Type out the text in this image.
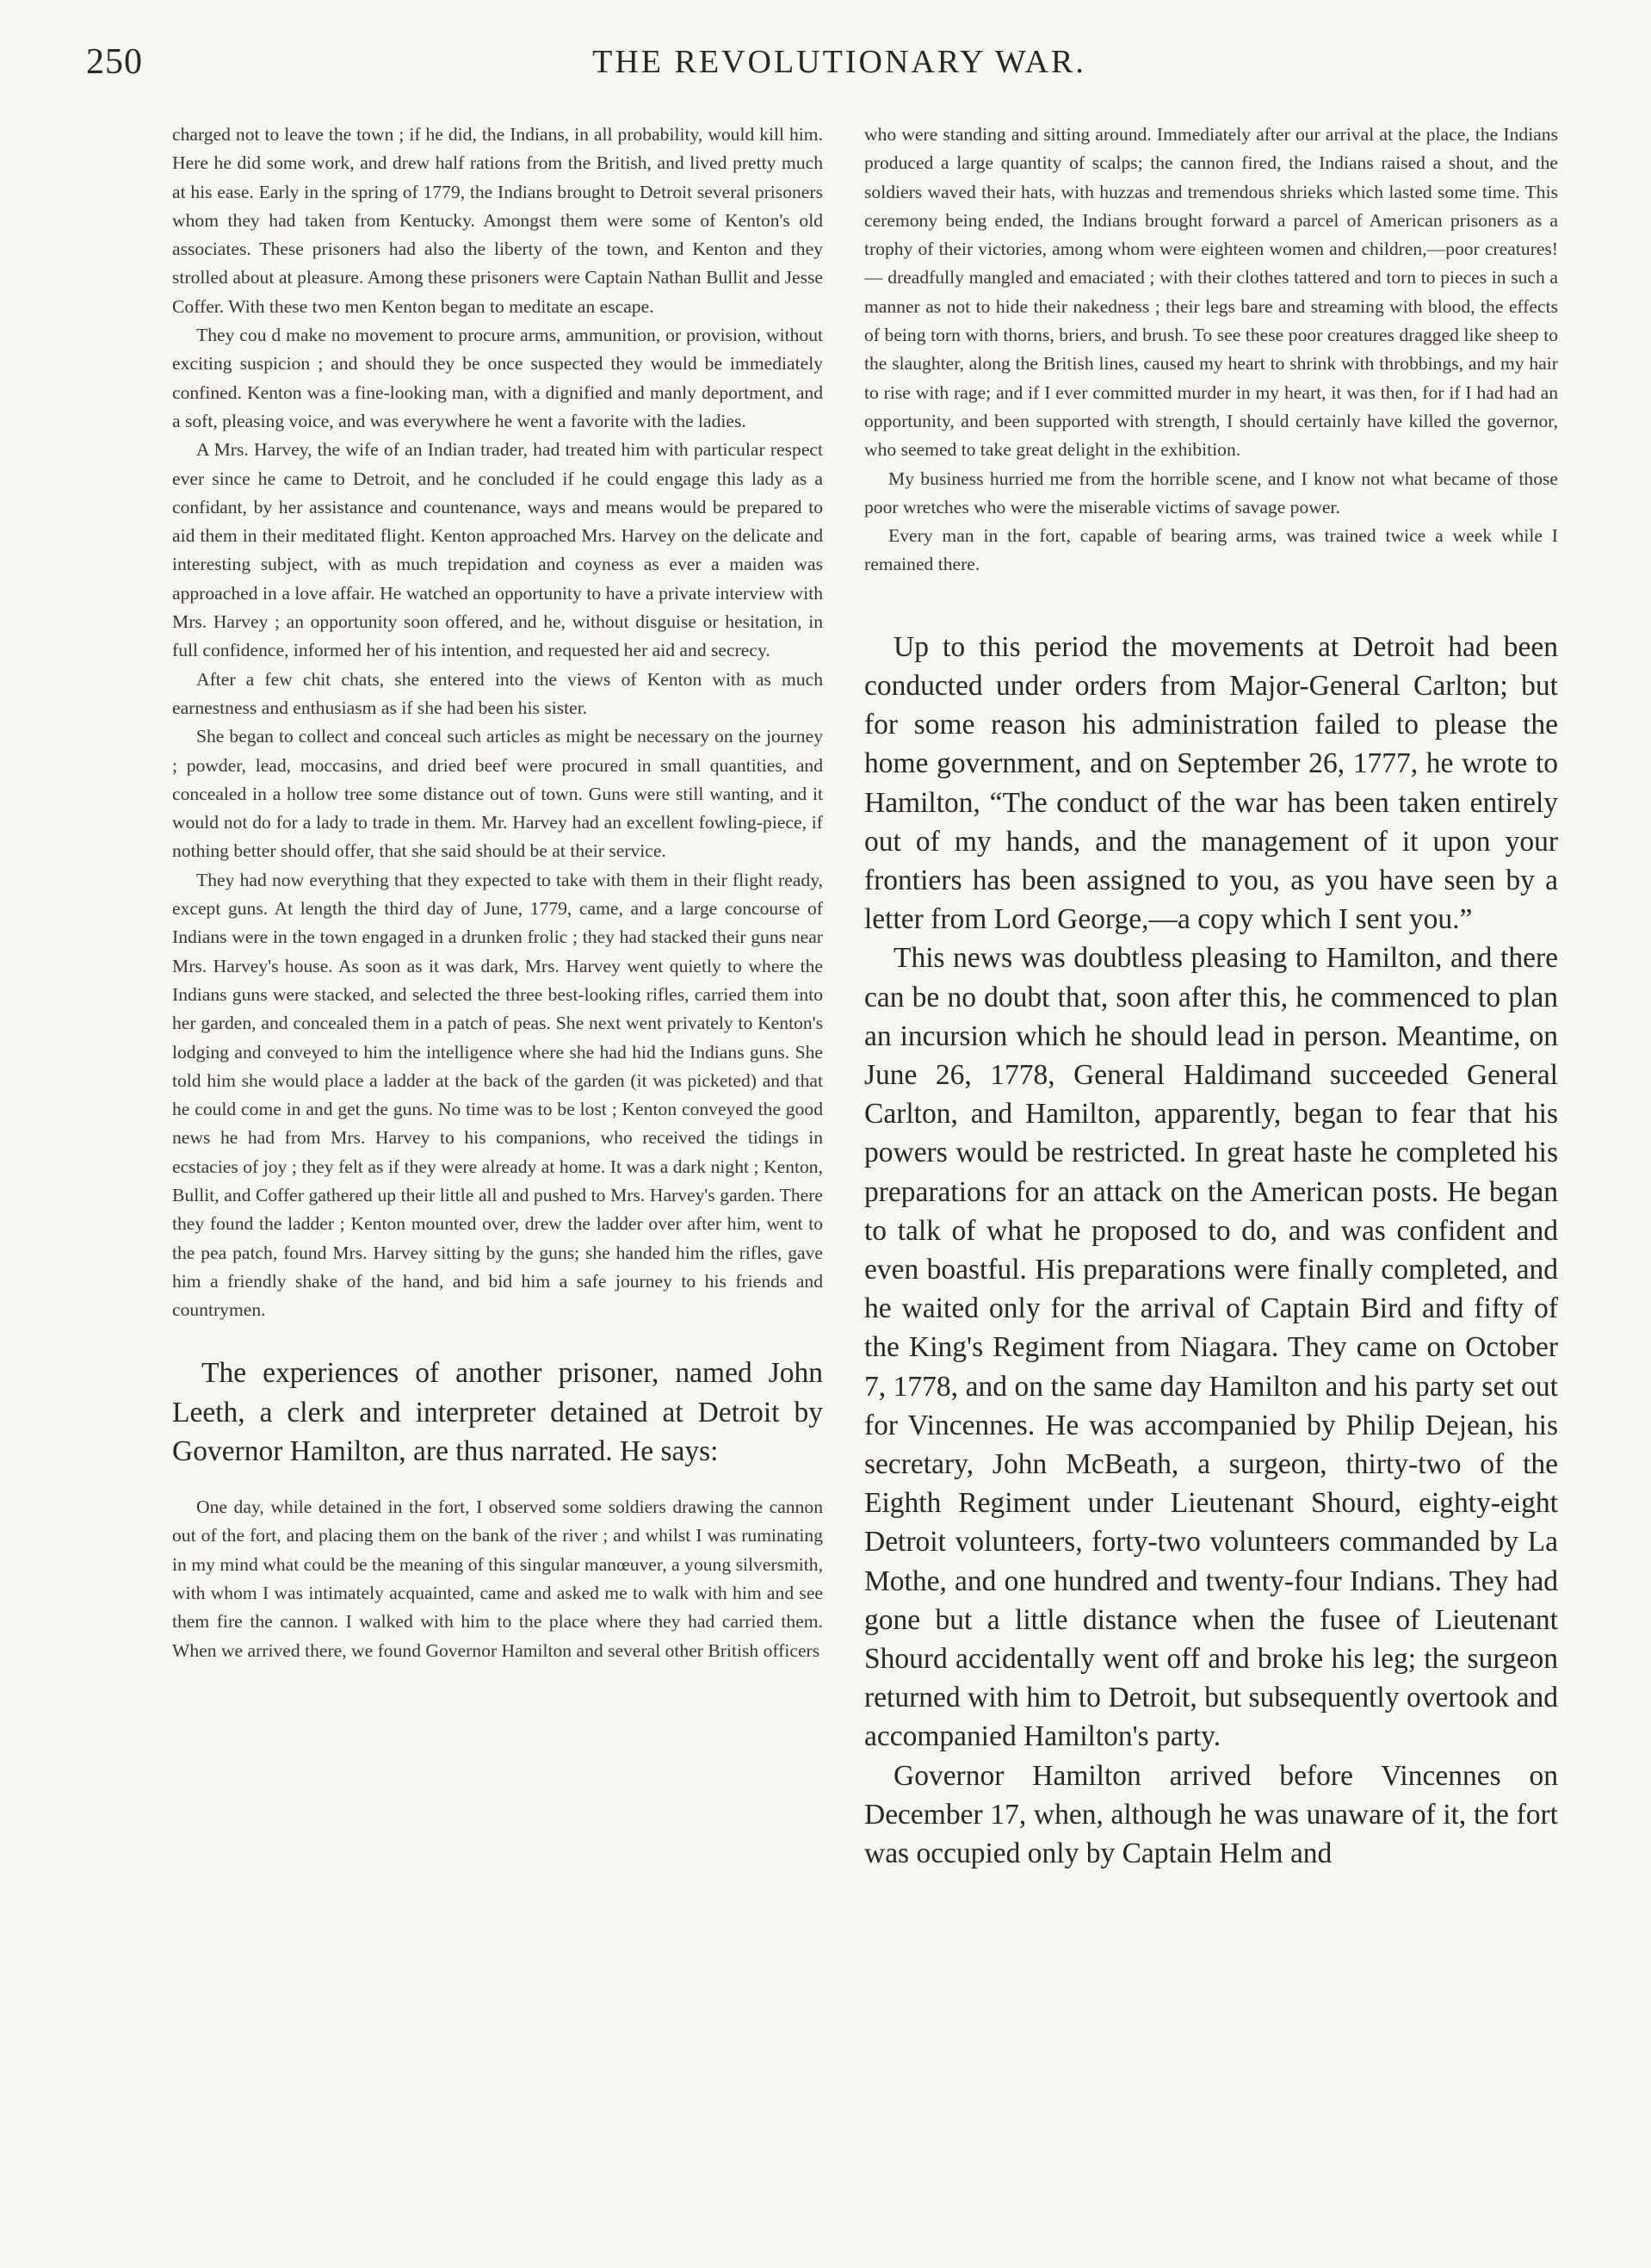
250	THE REVOLUTIONARY WAR.

charged not to leave the town ; if he did, the Indians, in all probability, would kill him. Here he did some work, and drew half rations from the British, and lived pretty much at his ease. Early in the spring of 1779, the Indians brought to Detroit several prisoners whom they had taken from Kentucky. Amongst them were some of Kenton's old associates. These prisoners had also the liberty of the town, and Kenton and they strolled about at pleasure. Among these prisoners were Captain Nathan Bullit and Jesse Coffer. With these two men Kenton began to meditate an escape.

They cou d make no movement to procure arms, ammunition, or provision, without exciting suspicion ; and should they be once suspected they would be immediately confined. Kenton was a fine-looking man, with a dignified and manly deportment, and a soft, pleasing voice, and was everywhere he went a favorite with the ladies.

A Mrs. Harvey, the wife of an Indian trader, had treated him with particular respect ever since he came to Detroit, and he concluded if he could engage this lady as a confidant, by her assistance and countenance, ways and means would be prepared to aid them in their meditated flight. Kenton approached Mrs. Harvey on the delicate and interesting subject, with as much trepidation and coyness as ever a maiden was approached in a love affair. He watched an opportunity to have a private interview with Mrs. Harvey ; an opportunity soon offered, and he, without disguise or hesitation, in full confidence, informed her of his intention, and requested her aid and secrecy.

After a few chit chats, she entered into the views of Kenton with as much earnestness and enthusiasm as if she had been his sister.

She began to collect and conceal such articles as might be necessary on the journey ; powder, lead, moccasins, and dried beef were procured in small quantities, and concealed in a hollow tree some distance out of town. Guns were still wanting, and it would not do for a lady to trade in them. Mr. Harvey had an excellent fowling-piece, if nothing better should offer, that she said should be at their service.

They had now everything that they expected to take with them in their flight ready, except guns. At length the third day of June, 1779, came, and a large concourse of Indians were in the town engaged in a drunken frolic ; they had stacked their guns near Mrs. Harvey's house. As soon as it was dark, Mrs. Harvey went quietly to where the Indians guns were stacked, and selected the three best-looking rifles, carried them into her garden, and concealed them in a patch of peas. She next went privately to Kenton's lodging and conveyed to him the intelligence where she had hid the Indians guns. She told him she would place a ladder at the back of the garden (it was picketed) and that he could come in and get the guns. No time was to be lost ; Kenton conveyed the good news he had from Mrs. Harvey to his companions, who received the tidings in ecstacies of joy ; they felt as if they were already at home. It was a dark night ; Kenton, Bullit, and Coffer gathered up their little all and pushed to Mrs. Harvey's garden. There they found the ladder ; Kenton mounted over, drew the ladder over after him, went to the pea patch, found Mrs. Harvey sitting by the guns; she handed him the rifles, gave him a friendly shake of the hand, and bid him a safe journey to his friends and countrymen.

The experiences of another prisoner, named John Leeth, a clerk and interpreter detained at Detroit by Governor Hamilton, are thus narrated. He says:

One day, while detained in the fort, I observed some soldiers drawing the cannon out of the fort, and placing them on the bank of the river ; and whilst I was ruminating in my mind what could be the meaning of this singular manœuver, a young silversmith, with whom I was intimately acquainted, came and asked me to walk with him and see them fire the cannon. I walked with him to the place where they had carried them. When we arrived there, we found Governor Hamilton and several other British officers

who were standing and sitting around. Immediately after our arrival at the place, the Indians produced a large quantity of scalps; the cannon fired, the Indians raised a shout, and the soldiers waved their hats, with huzzas and tremendous shrieks which lasted some time. This ceremony being ended, the Indians brought forward a parcel of American prisoners as a trophy of their victories, among whom were eighteen women and children,—poor creatures! — dreadfully mangled and emaciated ; with their clothes tattered and torn to pieces in such a manner as not to hide their nakedness ; their legs bare and streaming with blood, the effects of being torn with thorns, briers, and brush. To see these poor creatures dragged like sheep to the slaughter, along the British lines, caused my heart to shrink with throbbings, and my hair to rise with rage; and if I ever committed murder in my heart, it was then, for if I had had an opportunity, and been supported with strength, I should certainly have killed the governor, who seemed to take great delight in the exhibition.

My business hurried me from the horrible scene, and I know not what became of those poor wretches who were the miserable victims of savage power.

Every man in the fort, capable of bearing arms, was trained twice a week while I remained there.

Up to this period the movements at Detroit had been conducted under orders from Major-General Carlton; but for some reason his administration failed to please the home government, and on September 26, 1777, he wrote to Hamilton, “The conduct of the war has been taken entirely out of my hands, and the management of it upon your frontiers has been assigned to you, as you have seen by a letter from Lord George,—a copy which I sent you.”

This news was doubtless pleasing to Hamilton, and there can be no doubt that, soon after this, he commenced to plan an incursion which he should lead in person. Meantime, on June 26, 1778, General Haldimand succeeded General Carlton, and Hamilton, apparently, began to fear that his powers would be restricted. In great haste he completed his preparations for an attack on the American posts. He began to talk of what he proposed to do, and was confident and even boastful. His preparations were finally completed, and he waited only for the arrival of Captain Bird and fifty of the King's Regiment from Niagara. They came on October 7, 1778, and on the same day Hamilton and his party set out for Vincennes. He was accompanied by Philip Dejean, his secretary, John McBeath, a surgeon, thirty-two of the Eighth Regiment under Lieutenant Shourd, eighty-eight Detroit volunteers, forty-two volunteers commanded by La Mothe, and one hundred and twenty-four Indians. They had gone but a little distance when the fusee of Lieutenant Shourd accidentally went off and broke his leg; the surgeon returned with him to Detroit, but subsequently overtook and accompanied Hamilton's party.

Governor Hamilton arrived before Vincennes on December 17, when, although he was unaware of it, the fort was occupied only by Captain Helm and
